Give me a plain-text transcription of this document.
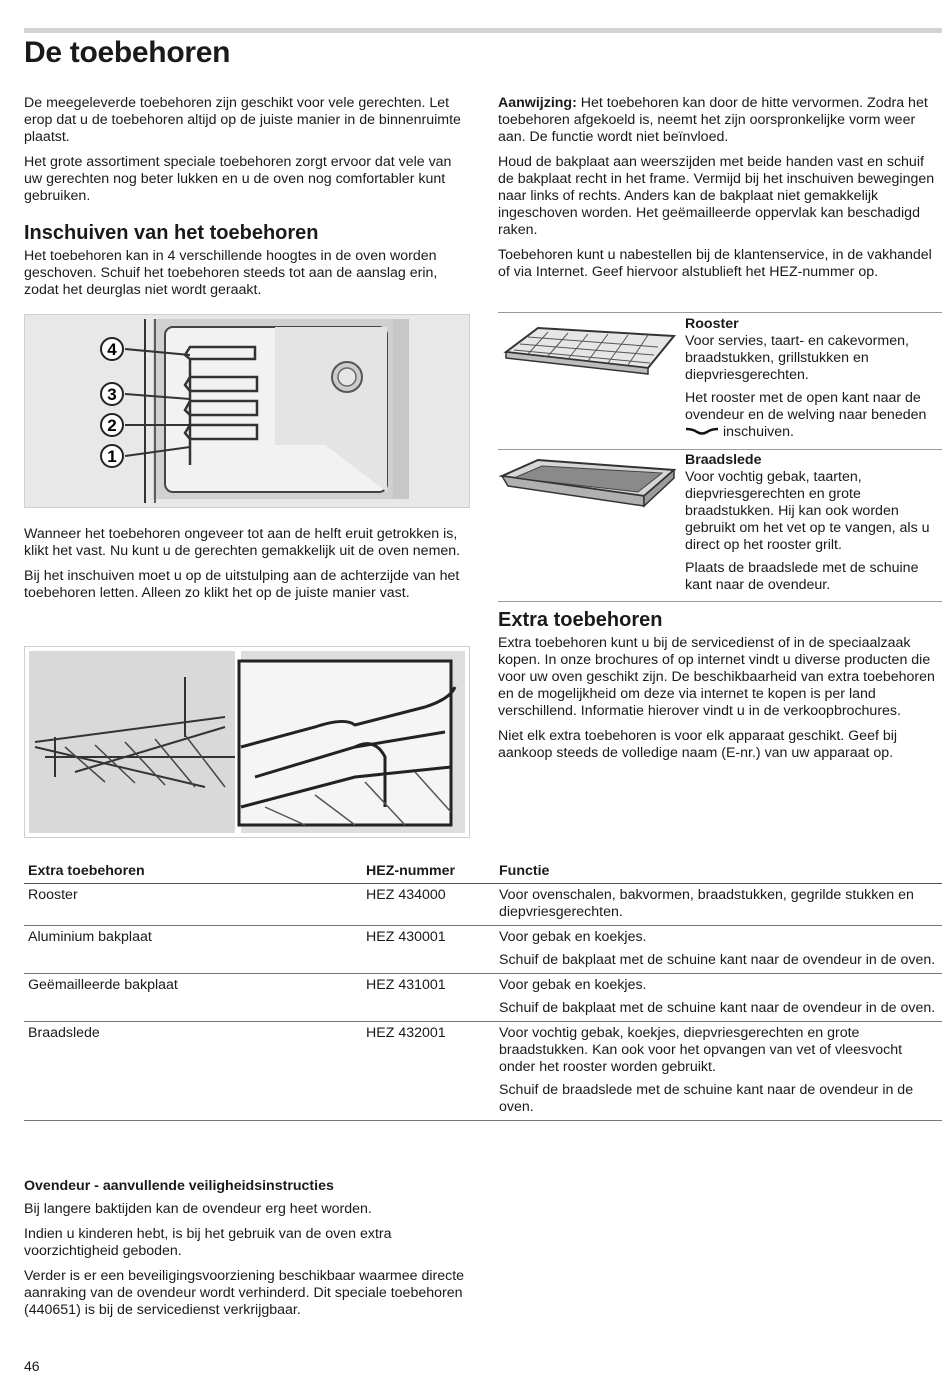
De toebehoren

De meegeleverde toebehoren zijn geschikt voor vele gerechten. Let erop dat u de toebehoren altijd op de juiste manier in de binnenruimte plaatst.

Het grote assortiment speciale toebehoren zorgt ervoor dat vele van uw gerechten nog beter lukken en u de oven nog comfortabler kunt gebruiken.

Inschuiven van het toebehoren

Het toebehoren kan in 4 verschillende hoogtes in de oven worden geschoven. Schuif het toebehoren steeds tot aan de aanslag erin, zodat het deurglas niet wordt geraakt.

4
3
2
1

Wanneer het toebehoren ongeveer tot aan de helft eruit getrokken is, klikt het vast. Nu kunt u de gerechten gemakkelijk uit de oven nemen.

Bij het inschuiven moet u op de uitstulping aan de achterzijde van het toebehoren letten. Alleen zo klikt het op de juiste manier vast.

Aanwijzing: Het toebehoren kan door de hitte vervormen. Zodra het toebehoren afgekoeld is, neemt het zijn oorspronkelijke vorm weer aan. De functie wordt niet beïnvloed.

Houd de bakplaat aan weerszijden met beide handen vast en schuif de bakplaat recht in het frame. Vermijd bij het inschuiven bewegingen naar links of rechts. Anders kan de bakplaat niet gemakkelijk ingeschoven worden. Het geëmailleerde oppervlak kan beschadigd raken.

Toebehoren kunt u nabestellen bij de klantenservice, in de vakhandel of via Internet. Geef hiervoor alstublieft het HEZ-nummer op.

Rooster

Voor servies, taart- en cakevormen, braadstukken, grillstukken en diepvriesgerechten.

Het rooster met de open kant naar de ovendeur en de welving naar beneden  inschuiven.

Braadslede

Voor vochtig gebak, taarten, diepvriesgerechten en grote braadstukken. Hij kan ook worden gebruikt om het vet op te vangen, als u direct op het rooster grilt.

Plaats de braadslede met de schuine kant naar de ovendeur.

Extra toebehoren

Extra toebehoren kunt u bij de servicedienst of in de speciaalzaak kopen. In onze brochures of op internet vindt u diverse producten die voor uw oven geschikt zijn. De beschikbaarheid van extra toebehoren en de mogelijkheid om deze via internet te kopen is per land verschillend. Informatie hierover vindt u in de verkoopbrochures.

Niet elk extra toebehoren is voor elk apparaat geschikt. Geef bij aankoop steeds de volledige naam (E-nr.) van uw apparaat op.

Extra toebehoren	HEZ-nummer	Functie
Rooster	HEZ 434000	Voor ovenschalen, bakvormen, braadstukken, gegrilde stukken en diepvriesgerechten.

Aluminium bakplaat	HEZ 430001	Voor gebak en koekjes.

Schuif de bakplaat met de schuine kant naar de ovendeur in de oven.

Geëmailleerde bakplaat	HEZ 431001	Voor gebak en koekjes.

Schuif de bakplaat met de schuine kant naar de ovendeur in de oven.

Braadslede	HEZ 432001	Voor vochtig gebak, koekjes, diepvriesgerechten en grote braadstukken. Kan ook voor het opvangen van vet of vleesvocht onder het rooster worden gebruikt.

Schuif de braadslede met de schuine kant naar de ovendeur in de oven.

Ovendeur - aanvullende veiligheidsinstructies

Bij langere baktijden kan de ovendeur erg heet worden.

Indien u kinderen hebt, is bij het gebruik van de oven extra voorzichtigheid geboden.

Verder is er een beveiligingsvoorziening beschikbaar waarmee directe aanraking van de ovendeur wordt verhinderd. Dit speciale toebehoren (440651) is bij de servicedienst verkrijgbaar.

46
